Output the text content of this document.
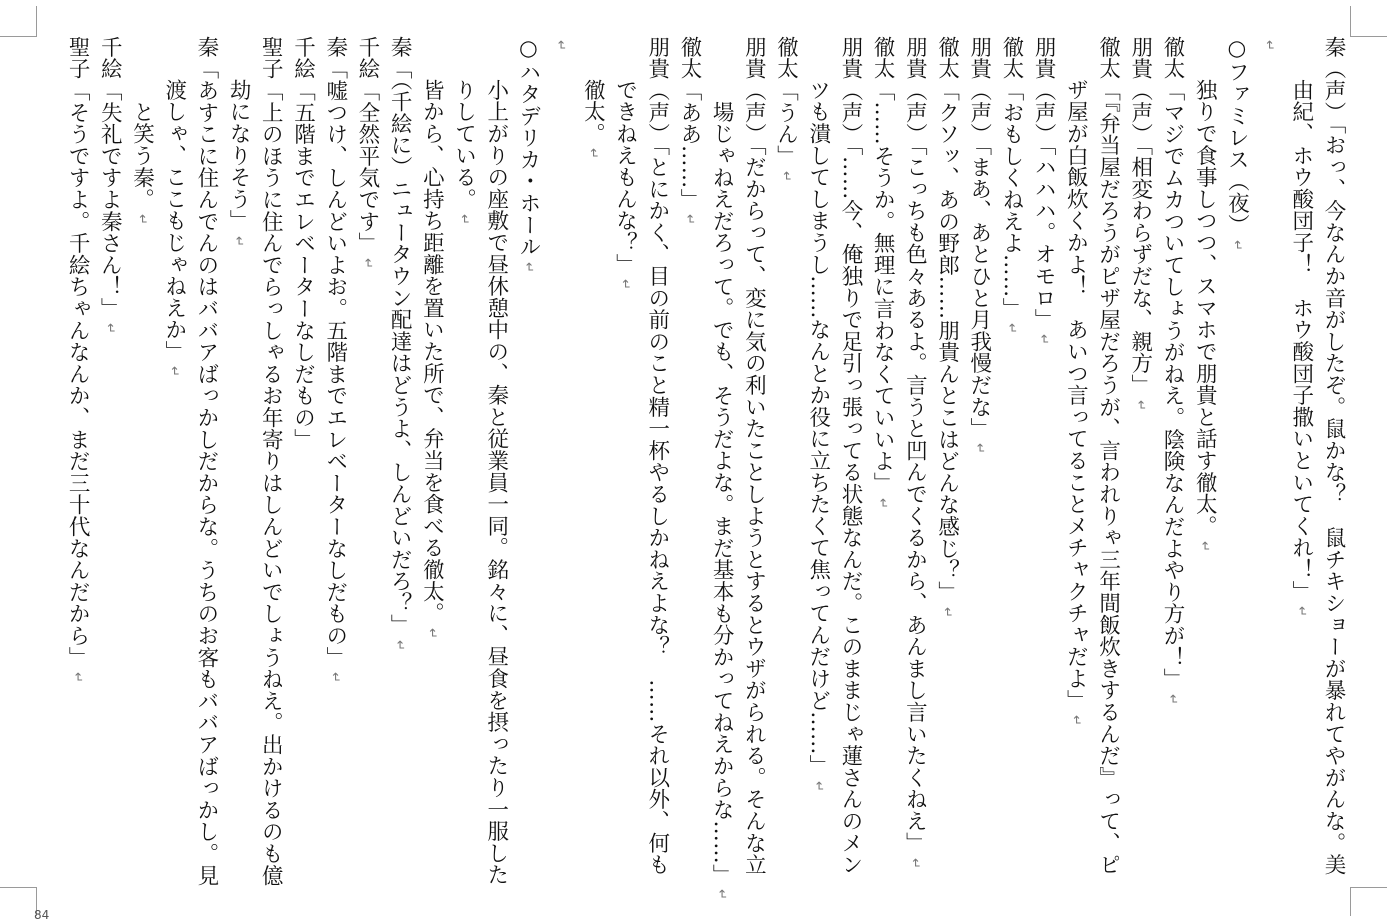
秦（声）「おっ、今なんか音がしたぞ。鼠かな？　鼠チキショーが暴れてやがんな。美
由紀、ホウ酸団子！　ホウ酸団子撒いといてくれ！」↵
↵
○ファミレス（夜）↵
独りで食事しつつ、スマホで朋貴と話す徹太。↵
徹太「マジでムカついてしょうがねえ。陰険なんだよやり方が！」↵
朋貴（声）「相変わらずだな、親方」↵
徹太「『弁当屋だろうがピザ屋だろうが、言われりゃ三年間飯炊きするんだ』って、ピ
ザ屋が白飯炊くかよ！　あいつ言ってることメチャクチャだよ」↵
朋貴（声）「ハハハ。オモロ」↵
徹太「おもしくねえよ……」↵
朋貴（声）「まあ、あとひと月我慢だな」↵
徹太「クソッ、あの野郎……朋貴んとこはどんな感じ？」↵
朋貴（声）「こっちも色々あるよ。言うと凹んでくるから、あんまし言いたくねえ」↵
徹太「……そうか。無理に言わなくていいよ」↵
朋貴（声）「……今、俺独りで足引っ張ってる状態なんだ。このままじゃ蓮さんのメン
ツも潰してしまうし……なんとか役に立ちたくて焦ってんだけど……」↵
徹太「うん」↵
朋貴（声）「だからって、変に気の利いたことしようとするとウザがられる。そんな立
場じゃねえだろって。でも、そうだよな。まだ基本も分かってねえからな……」↵
徹太「ああ……」↵
朋貴（声）「とにかく、目の前のこと精一杯やるしかねえよな？　……それ以外、何も
できねえもんな？」↵
徹太。↵
↵
○ハタデリカ・ホール↵
小上がりの座敷で昼休憩中の、秦と従業員一同。銘々に、昼食を摂ったり一服した
りしている。↵
皆から、心持ち距離を置いた所で、弁当を食べる徹太。↵
秦「（千絵に）ニュータウン配達はどうよ、しんどいだろ？」↵
千絵「全然平気です」↵
秦「嘘つけ、しんどいよお。五階までエレベーターなしだもの」↵
千絵「五階までエレベーターなしだもの」
聖子「上のほうに住んでらっしゃるお年寄りはしんどいでしょうねえ。出かけるのも億
劫になりそう」↵
秦「あすこに住んでんのはババアばっかしだからな。うちのお客もババアばっかし。見
渡しゃ、ここもじゃねえか」↵
と笑う秦。↵
千絵「失礼ですよ秦さん！」↵
聖子「そうですよ。千絵ちゃんなんか、まだ三十代なんだから」↵
84
